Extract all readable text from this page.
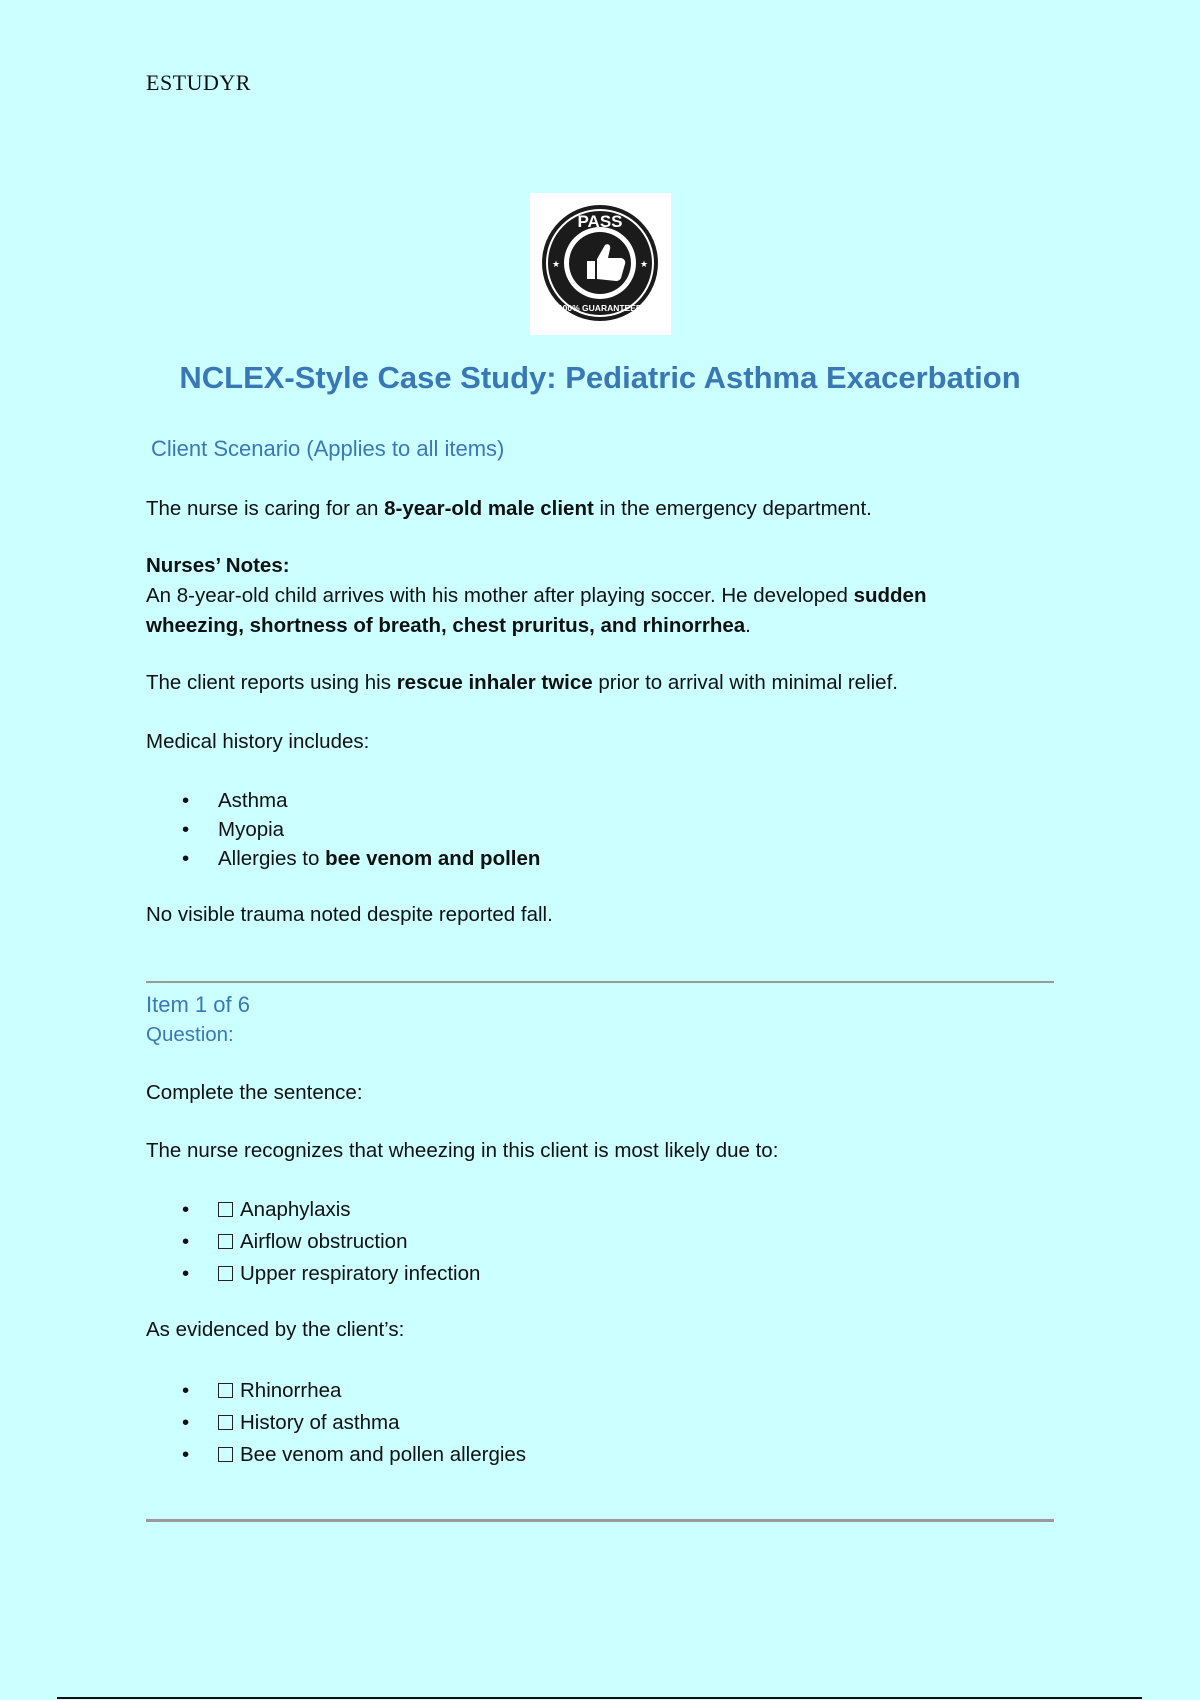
ESTUDYR
PASS
100% GUARANTEED
★	★
NCLEX-Style Case Study: Pediatric Asthma Exacerbation
Client Scenario (Applies to all items)

The nurse is caring for an 8-year-old male client in the emergency department.

Nurses’ Notes:

An 8-year-old child arrives with his mother after playing soccer. He developed sudden
wheezing, shortness of breath, chest pruritus, and rhinorrhea.

The client reports using his rescue inhaler twice prior to arrival with minimal relief.

Medical history includes:

• Asthma
• Myopia
• Allergies to bee venom and pollen

No visible trauma noted despite reported fall.

Item 1 of 6

Question:

Complete the sentence:

The nurse recognizes that wheezing in this client is most likely due to:

• Anaphylaxis
• Airflow obstruction
• Upper respiratory infection

As evidenced by the client’s:

• Rhinorrhea
• History of asthma
• Bee venom and pollen allergies
